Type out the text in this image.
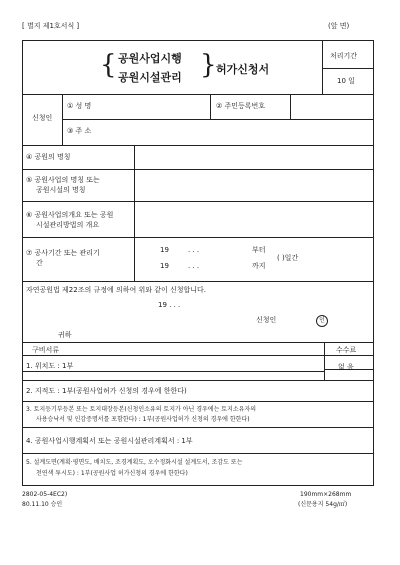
[ 별지 제1호서식 ]	(앞 면)
{	}
공원사업시행
공원시설관리
허가신청서
처리기간
10 일
신청인
① 성 명	② 주민등록번호
③ 주 소
④ 공원의 명칭
⑤ 공원사업의 명칭 또는
공원시설의 명칭
⑥ 공원사업의개요 또는 공원
시설관리방법의 개요
⑦ 공사기간 또는 관리기
간
19	. . .	부터
19	. . .	까지
( )일간
자연공원법 제22조의 규정에 의하여 위와 같이 신청합니다.
19 . . .
신청인	인
귀하
구비서류	수수료
없 음
1. 위치도 : 1부
2. 지적도 : 1부(공원사업허가 신청의 경우에 한한다)
3. 토지등기부등본 또는 토지대장등본(신청인소유의 토지가 아닌 경우에는 토지소유자의
사용승낙서 및 인감증명서를 포함한다) : 1부(공원사업허가 신청의 경우에 한한다)
4. 공원사업시행계획서 또는 공원시설관리계획서 : 1부
5. 설계도면(계획·평면도, 배치도, 조경계획도, 오수정화시설 설계도서, 조감도 또는
천연색 투시도) : 1부(공원사업 허가신청의 경우에 한한다)
2802-05-4EC2)
80.11.10 승인
190mm×268mm
(신문용지 54g/㎡)
